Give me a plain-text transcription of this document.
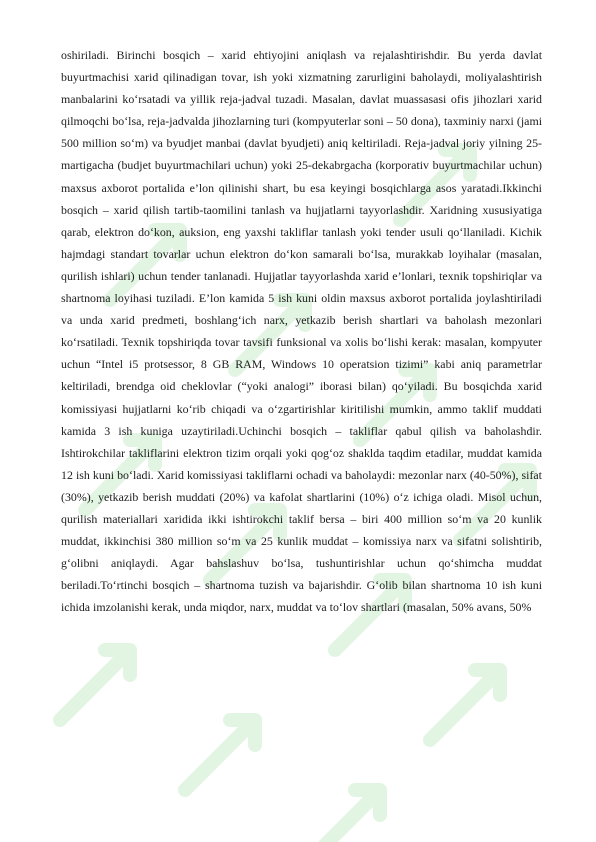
oshiriladi. Birinchi bosqich – xarid ehtiyojini aniqlash va rejalashtirishdir. Bu yerda davlat buyurtmachisi xarid qilinadigan tovar, ish yoki xizmatning zarurligini baholaydi, moliyalashtirish manbalarini ko‘rsatadi va yillik reja-jadval tuzadi. Masalan, davlat muassasasi ofis jihozlari xarid qilmoqchi bo‘lsa, reja-jadvalda jihozlarning turi (kompyuterlar soni – 50 dona), taxminiy narxi (jami 500 million so‘m) va byudjet manbai (davlat byudjeti) aniq keltiriladi. Reja-jadval joriy yilning 25-martigacha (budjet buyurtmachilari uchun) yoki 25-dekabrgacha (korporativ buyurtmachilar uchun) maxsus axborot portalida e’lon qilinishi shart, bu esa keyingi bosqichlarga asos yaratadi.Ikkinchi bosqich – xarid qilish tartib-taomilini tanlash va hujjatlarni tayyorlashdir. Xaridning xususiyatiga qarab, elektron do‘kon, auksion, eng yaxshi takliflar tanlash yoki tender usuli qo‘llaniladi. Kichik hajmdagi standart tovarlar uchun elektron do‘kon samarali bo‘lsa, murakkab loyihalar (masalan, qurilish ishlari) uchun tender tanlanadi. Hujjatlar tayyorlashda xarid e’lonlari, texnik topshiriqlar va shartnoma loyihasi tuziladi. E’lon kamida 5 ish kuni oldin maxsus axborot portalida joylashtiriladi va unda xarid predmeti, boshlang‘ich narx, yetkazib berish shartlari va baholash mezonlari ko‘rsatiladi. Texnik topshiriqda tovar tavsifi funksional va xolis bo‘lishi kerak: masalan, kompyuter uchun “Intel i5 protsessor, 8 GB RAM, Windows 10 operatsion tizimi” kabi aniq parametrlar keltiriladi, brendga oid cheklovlar (“yoki analogi” iborasi bilan) qo‘yiladi. Bu bosqichda xarid komissiyasi hujjatlarni ko‘rib chiqadi va o‘zgartirishlar kiritilishi mumkin, ammo taklif muddati kamida 3 ish kuniga uzaytiriladi.Uchinchi bosqich – takliflar qabul qilish va baholashdir. Ishtirokchilar takliflarini elektron tizim orqali yoki qog‘oz shaklda taqdim etadilar, muddat kamida 12 ish kuni bo‘ladi. Xarid komissiyasi takliflarni ochadi va baholaydi: mezonlar narx (40-50%), sifat (30%), yetkazib berish muddati (20%) va kafolat shartlarini (10%) o‘z ichiga oladi. Misol uchun, qurilish materiallari xaridida ikki ishtirokchi taklif bersa – biri 400 million so‘m va 20 kunlik muddat, ikkinchisi 380 million so‘m va 25 kunlik muddat – komissiya narx va sifatni solishtirib, g‘olibni aniqlaydi. Agar bahslashuv bo‘lsa, tushuntirishlar uchun qo‘shimcha muddat beriladi.To‘rtinchi bosqich – shartnoma tuzish va bajarishdir. G‘olib bilan shartnoma 10 ish kuni ichida imzolanishi kerak, unda miqdor, narx, muddat va to‘lov shartlari (masalan, 50% avans, 50%
